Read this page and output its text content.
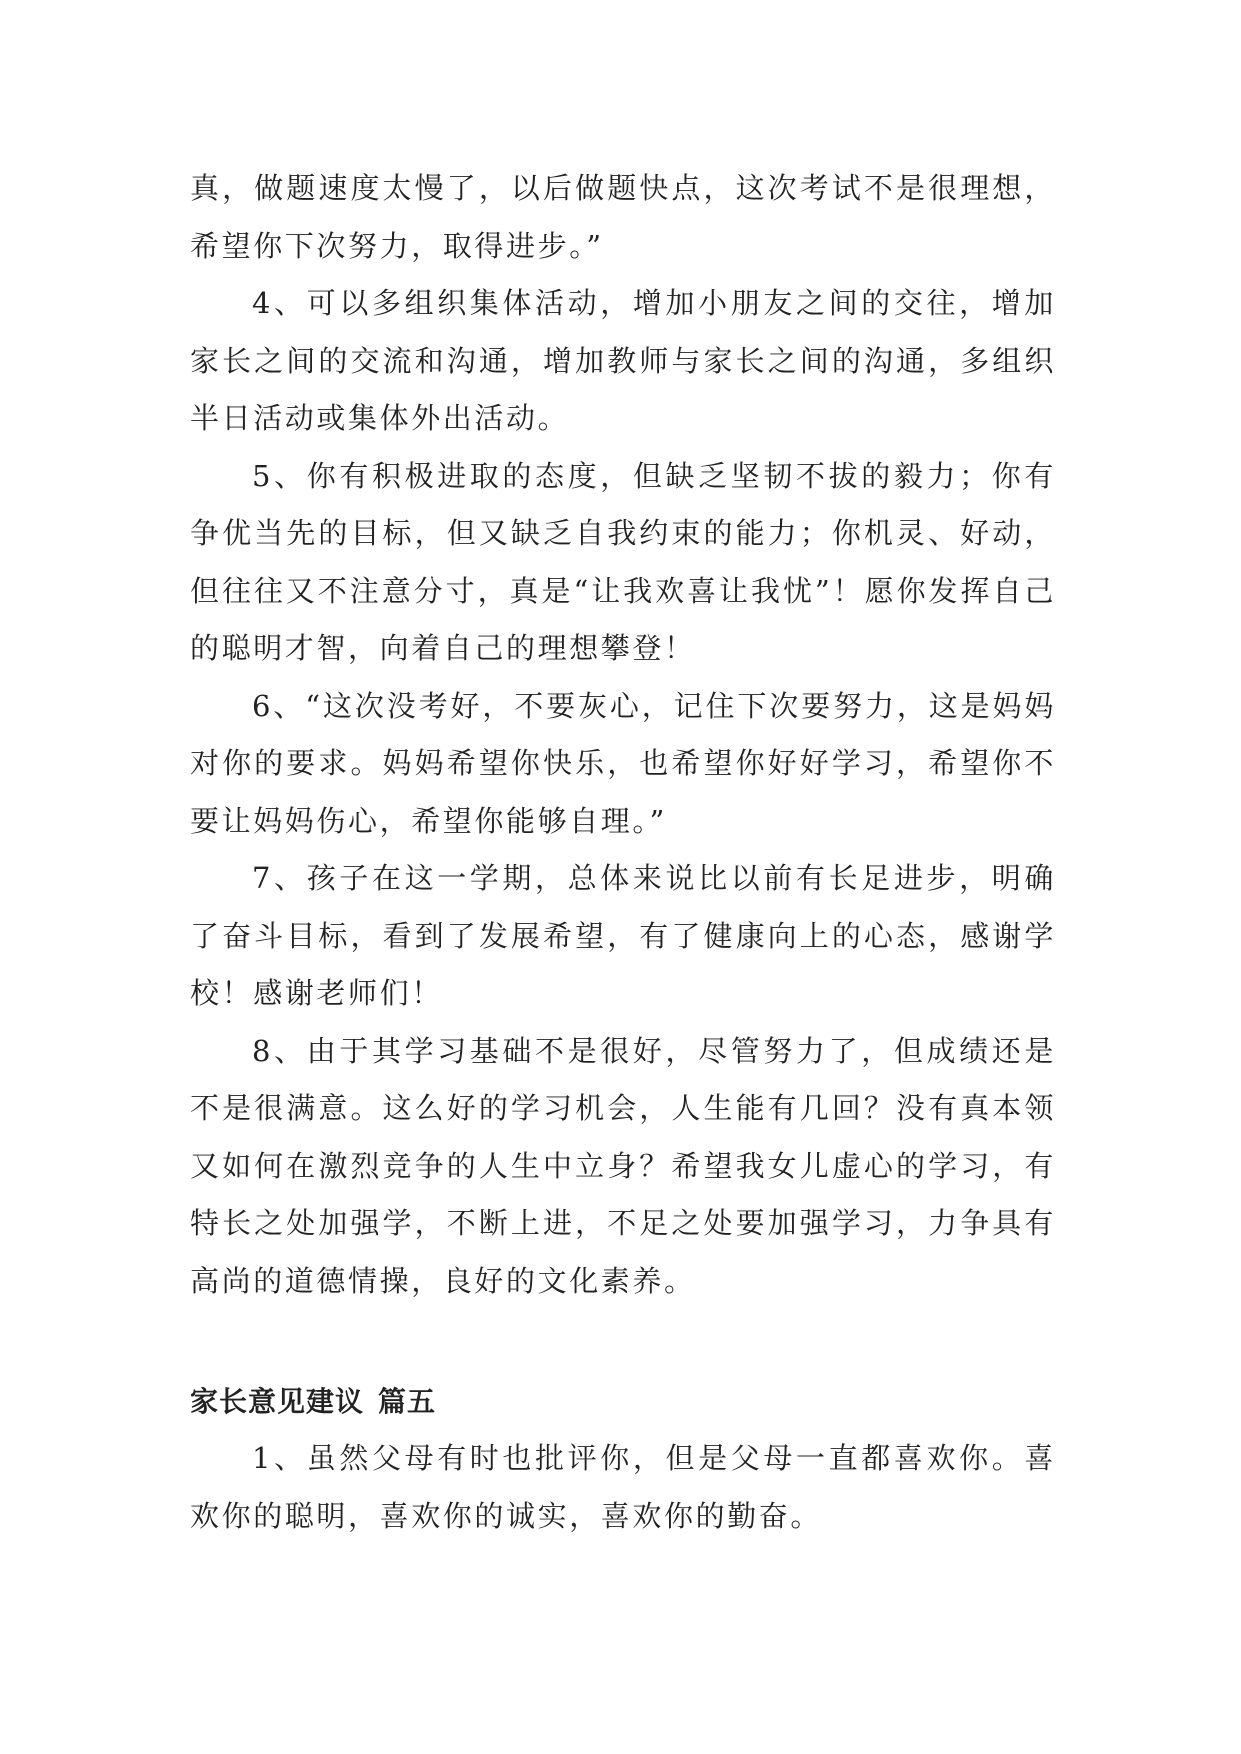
真，做题速度太慢了，以后做题快点，这次考试不是很理想，希望你下次努力，取得进步。”

4、可以多组织集体活动，增加小朋友之间的交往，增加家长之间的交流和沟通，增加教师与家长之间的沟通，多组织半日活动或集体外出活动。

5、你有积极进取的态度，但缺乏坚韧不拔的毅力；你有争优当先的目标，但又缺乏自我约束的能力；你机灵、好动，但往往又不注意分寸，真是“让我欢喜让我忧”！愿你发挥自己的聪明才智，向着自己的理想攀登！

6、“这次没考好，不要灰心，记住下次要努力，这是妈妈对你的要求。妈妈希望你快乐，也希望你好好学习，希望你不要让妈妈伤心，希望你能够自理。”

7、孩子在这一学期，总体来说比以前有长足进步，明确了奋斗目标，看到了发展希望，有了健康向上的心态，感谢学校！感谢老师们！

8、由于其学习基础不是很好，尽管努力了，但成绩还是不是很满意。这么好的学习机会，人生能有几回？没有真本领又如何在激烈竞争的人生中立身？希望我女儿虚心的学习，有特长之处加强学，不断上进，不足之处要加强学习，力争具有高尚的道德情操，良好的文化素养。

家长意见建议 篇五

1、虽然父母有时也批评你，但是父母一直都喜欢你。喜欢你的聪明，喜欢你的诚实，喜欢你的勤奋。
